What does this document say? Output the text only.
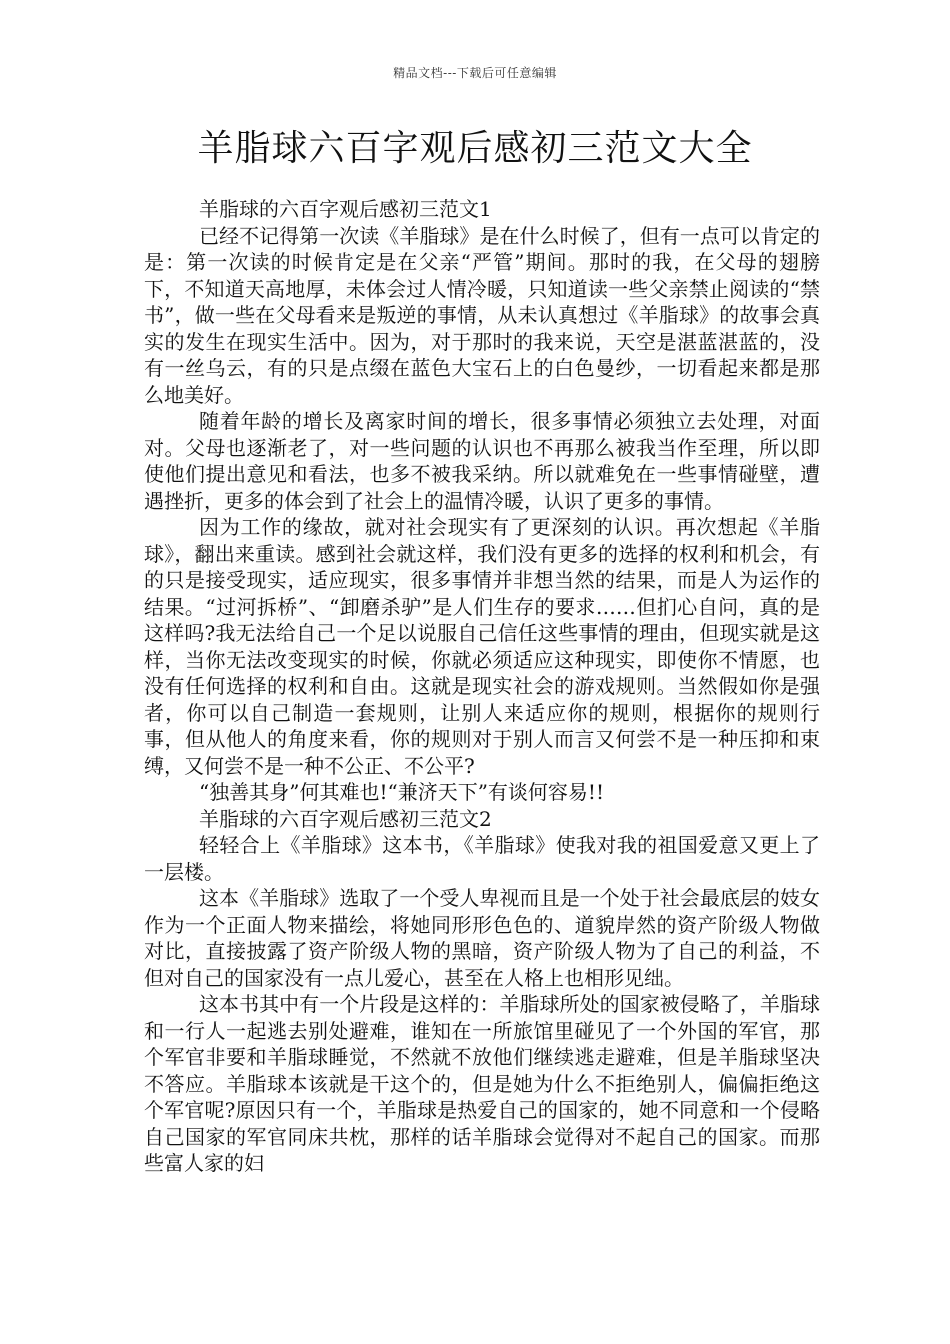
精品文档---下载后可任意编辑
羊脂球六百字观后感初三范文大全

羊脂球的六百字观后感初三范文1

已经不记得第一次读《羊脂球》是在什么时候了，但有一点可以肯定的是：第一次读的时候肯定是在父亲“严管”期间。那时的我，在父母的翅膀下，不知道天高地厚，未体会过人情冷暖，只知道读一些父亲禁止阅读的“禁书”，做一些在父母看来是叛逆的事情，从未认真想过《羊脂球》的故事会真实的发生在现实生活中。因为，对于那时的我来说，天空是湛蓝湛蓝的，没有一丝乌云，有的只是点缀在蓝色大宝石上的白色曼纱，一切看起来都是那么地美好。

随着年龄的增长及离家时间的增长，很多事情必须独立去处理，对面对。父母也逐渐老了，对一些问题的认识也不再那么被我当作至理，所以即使他们提出意见和看法，也多不被我采纳。所以就难免在一些事情碰壁，遭遇挫折，更多的体会到了社会上的温情冷暖，认识了更多的事情。

因为工作的缘故，就对社会现实有了更深刻的认识。再次想起《羊脂球》，翻出来重读。感到社会就这样，我们没有更多的选择的权利和机会，有的只是接受现实，适应现实，很多事情并非想当然的结果，而是人为运作的结果。“过河拆桥”、“卸磨杀驴”是人们生存的要求……但扪心自问，真的是这样吗?我无法给自己一个足以说服自己信任这些事情的理由，但现实就是这样，当你无法改变现实的时候，你就必须适应这种现实，即使你不情愿，也没有任何选择的权利和自由。这就是现实社会的游戏规则。当然假如你是强者，你可以自己制造一套规则，让别人来适应你的规则，根据你的规则行事，但从他人的角度来看，你的规则对于别人而言又何尝不是一种压抑和束缚，又何尝不是一种不公正、不公平?

“独善其身”何其难也!“兼济天下”有谈何容易!!

羊脂球的六百字观后感初三范文2

轻轻合上《羊脂球》这本书，《羊脂球》使我对我的祖国爱意又更上了一层楼。

这本《羊脂球》选取了一个受人卑视而且是一个处于社会最底层的妓女作为一个正面人物来描绘，将她同形形色色的、道貌岸然的资产阶级人物做对比，直接披露了资产阶级人物的黑暗，资产阶级人物为了自己的利益，不但对自己的国家没有一点儿爱心，甚至在人格上也相形见绌。

这本书其中有一个片段是这样的：羊脂球所处的国家被侵略了，羊脂球和一行人一起逃去别处避难，谁知在一所旅馆里碰见了一个外国的军官，那个军官非要和羊脂球睡觉，不然就不放他们继续逃走避难，但是羊脂球坚决不答应。羊脂球本该就是干这个的，但是她为什么不拒绝别人，偏偏拒绝这个军官呢?原因只有一个，羊脂球是热爱自己的国家的，她不同意和一个侵略自己国家的军官同床共枕，那样的话羊脂球会觉得对不起自己的国家。而那些富人家的妇
